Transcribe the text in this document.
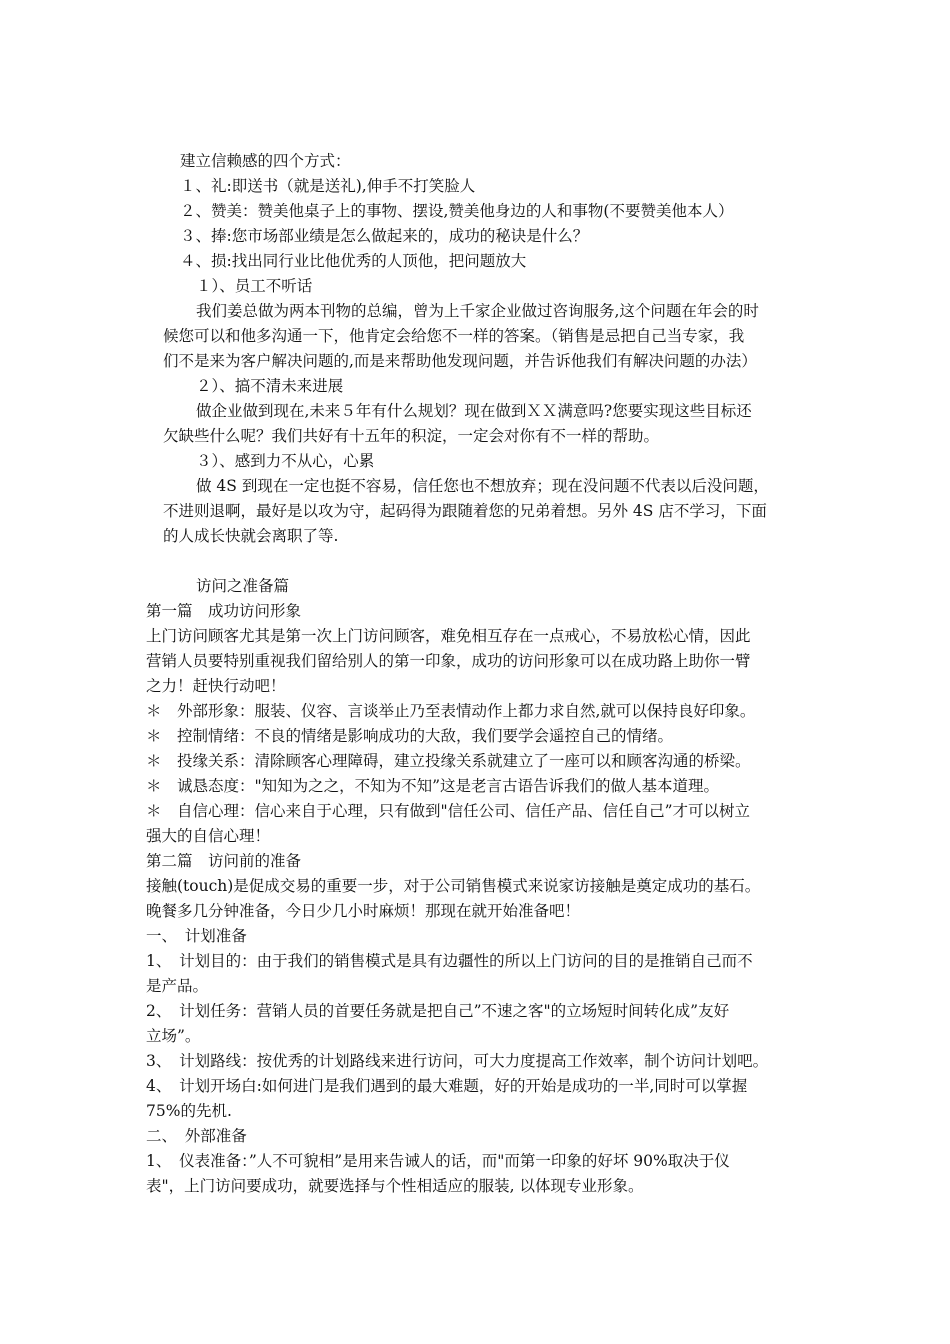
建立信赖感的四个方式：

１、礼:即送书（就是送礼),伸手不打笑脸人

２、赞美：赞美他桌子上的事物、摆设,赞美他身边的人和事物(不要赞美他本人）

３、捧:您市场部业绩是怎么做起来的，成功的秘诀是什么？

４、损:找出同行业比他优秀的人顶他，把问题放大

１）、员工不听话

我们姜总做为两本刊物的总编，曾为上千家企业做过咨询服务,这个问题在年会的时

候您可以和他多沟通一下，他肯定会给您不一样的答案。（销售是忌把自己当专家，我

们不是来为客户解决问题的,而是来帮助他发现问题，并告诉他我们有解决问题的办法）

２）、搞不清未来进展

做企业做到现在,未来５年有什么规划？现在做到ＸＸ满意吗?您要实现这些目标还

欠缺些什么呢？我们共好有十五年的积淀，一定会对你有不一样的帮助。

３）、感到力不从心，心累

做 4S 到现在一定也挺不容易，信任您也不想放弃；现在没问题不代表以后没问题，

不进则退啊，最好是以攻为守，起码得为跟随着您的兄弟着想。另外 4S 店不学习，下面

的人成长快就会离职了等.

访问之准备篇

第一篇　成功访问形象

上门访问顾客尤其是第一次上门访问顾客，难免相互存在一点戒心，不易放松心情，因此

营销人员要特别重视我们留给别人的第一印象，成功的访问形象可以在成功路上助你一臂

之力！赶快行动吧！

＊　外部形象：服装、仪容、言谈举止乃至表情动作上都力求自然,就可以保持良好印象。

＊　控制情绪：不良的情绪是影响成功的大敌，我们要学会遥控自己的情绪。

＊　投缘关系：清除顾客心理障碍，建立投缘关系就建立了一座可以和顾客沟通的桥梁。

＊　诚恳态度："知知为之之，不知为不知”这是老言古语告诉我们的做人基本道理。

＊　自信心理：信心来自于心理，只有做到"信任公司、信任产品、信任自己”才可以树立

强大的自信心理！

第二篇　访问前的准备

接触(touch)是促成交易的重要一步，对于公司销售模式来说家访接触是奠定成功的基石。

晚餐多几分钟准备，今日少几小时麻烦！那现在就开始准备吧！

一、　计划准备

1、　计划目的：由于我们的销售模式是具有边疆性的所以上门访问的目的是推销自己而不

是产品。

2、　计划任务：营销人员的首要任务就是把自己”不速之客"的立场短时间转化成”友好

立场”。

3、　计划路线：按优秀的计划路线来进行访问，可大力度提高工作效率，制个访问计划吧。

4、　计划开场白:如何进门是我们遇到的最大难题，好的开始是成功的一半,同时可以掌握

75%的先机.

二、　外部准备

1、　仪表准备：”人不可貌相”是用来告诫人的话，而"而第一印象的好坏 90%取决于仪

表"，上门访问要成功，就要选择与个性相适应的服装, 以体现专业形象。
